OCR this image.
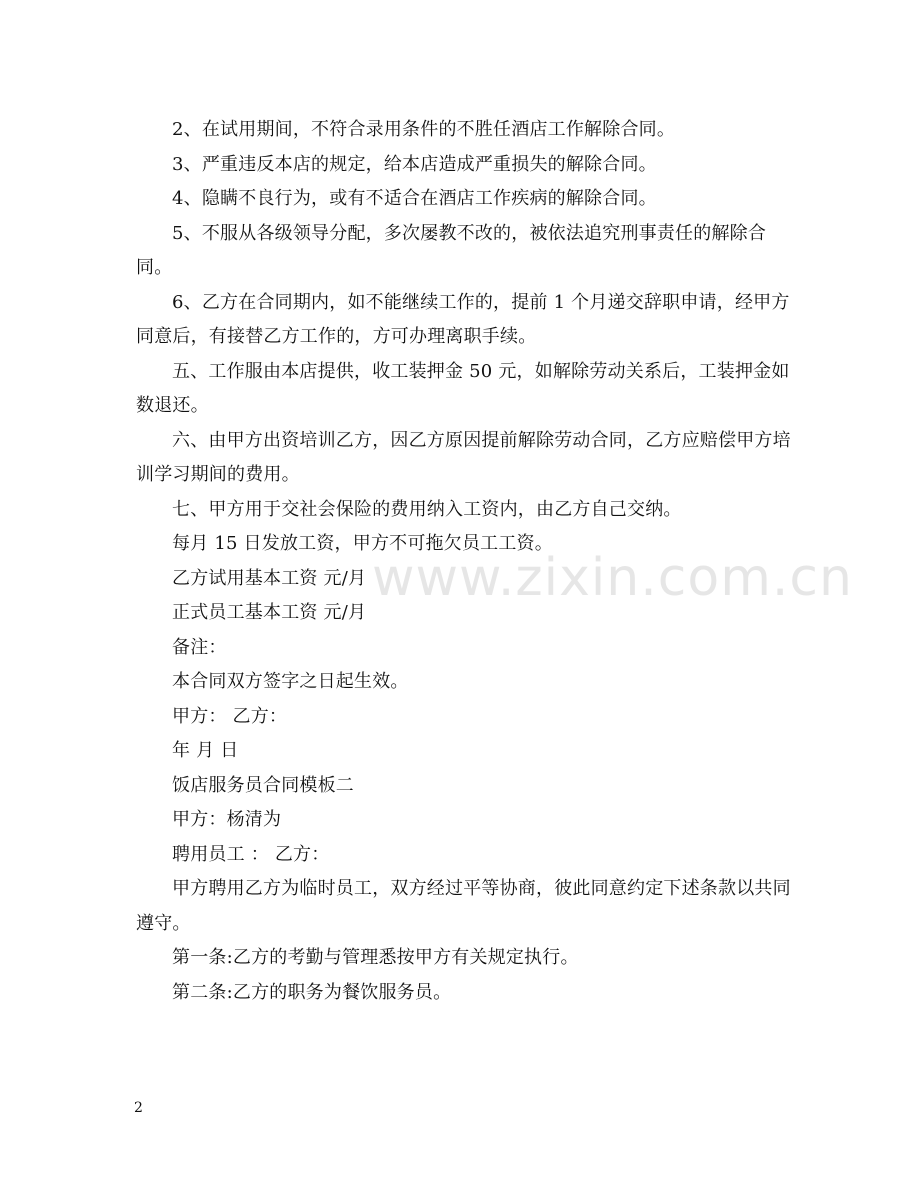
2、在试用期间，不符合录用条件的不胜任酒店工作解除合同。

3、严重违反本店的规定，给本店造成严重损失的解除合同。

4、隐瞒不良行为，或有不适合在酒店工作疾病的解除合同。

5、不服从各级领导分配，多次屡教不改的，被依法追究刑事责任的解除合同。

6、乙方在合同期内，如不能继续工作的，提前 1 个月递交辞职申请，经甲方同意后，有接替乙方工作的，方可办理离职手续。

五、工作服由本店提供，收工装押金 50 元，如解除劳动关系后，工装押金如数退还。

六、由甲方出资培训乙方，因乙方原因提前解除劳动合同，乙方应赔偿甲方培训学习期间的费用。

七、甲方用于交社会保险的费用纳入工资内，由乙方自己交纳。

每月 15 日发放工资，甲方不可拖欠员工工资。

乙方试用基本工资 元/月

正式员工基本工资 元/月

备注：

本合同双方签字之日起生效。

甲方： 乙方：

年 月 日

饭店服务员合同模板二

甲方：杨清为

聘用员工 ： 乙方：

甲方聘用乙方为临时员工，双方经过平等协商，彼此同意约定下述条款以共同遵守。

第一条:乙方的考勤与管理悉按甲方有关规定执行。

第二条:乙方的职务为餐饮服务员。

www.zixin.com.cn
2
